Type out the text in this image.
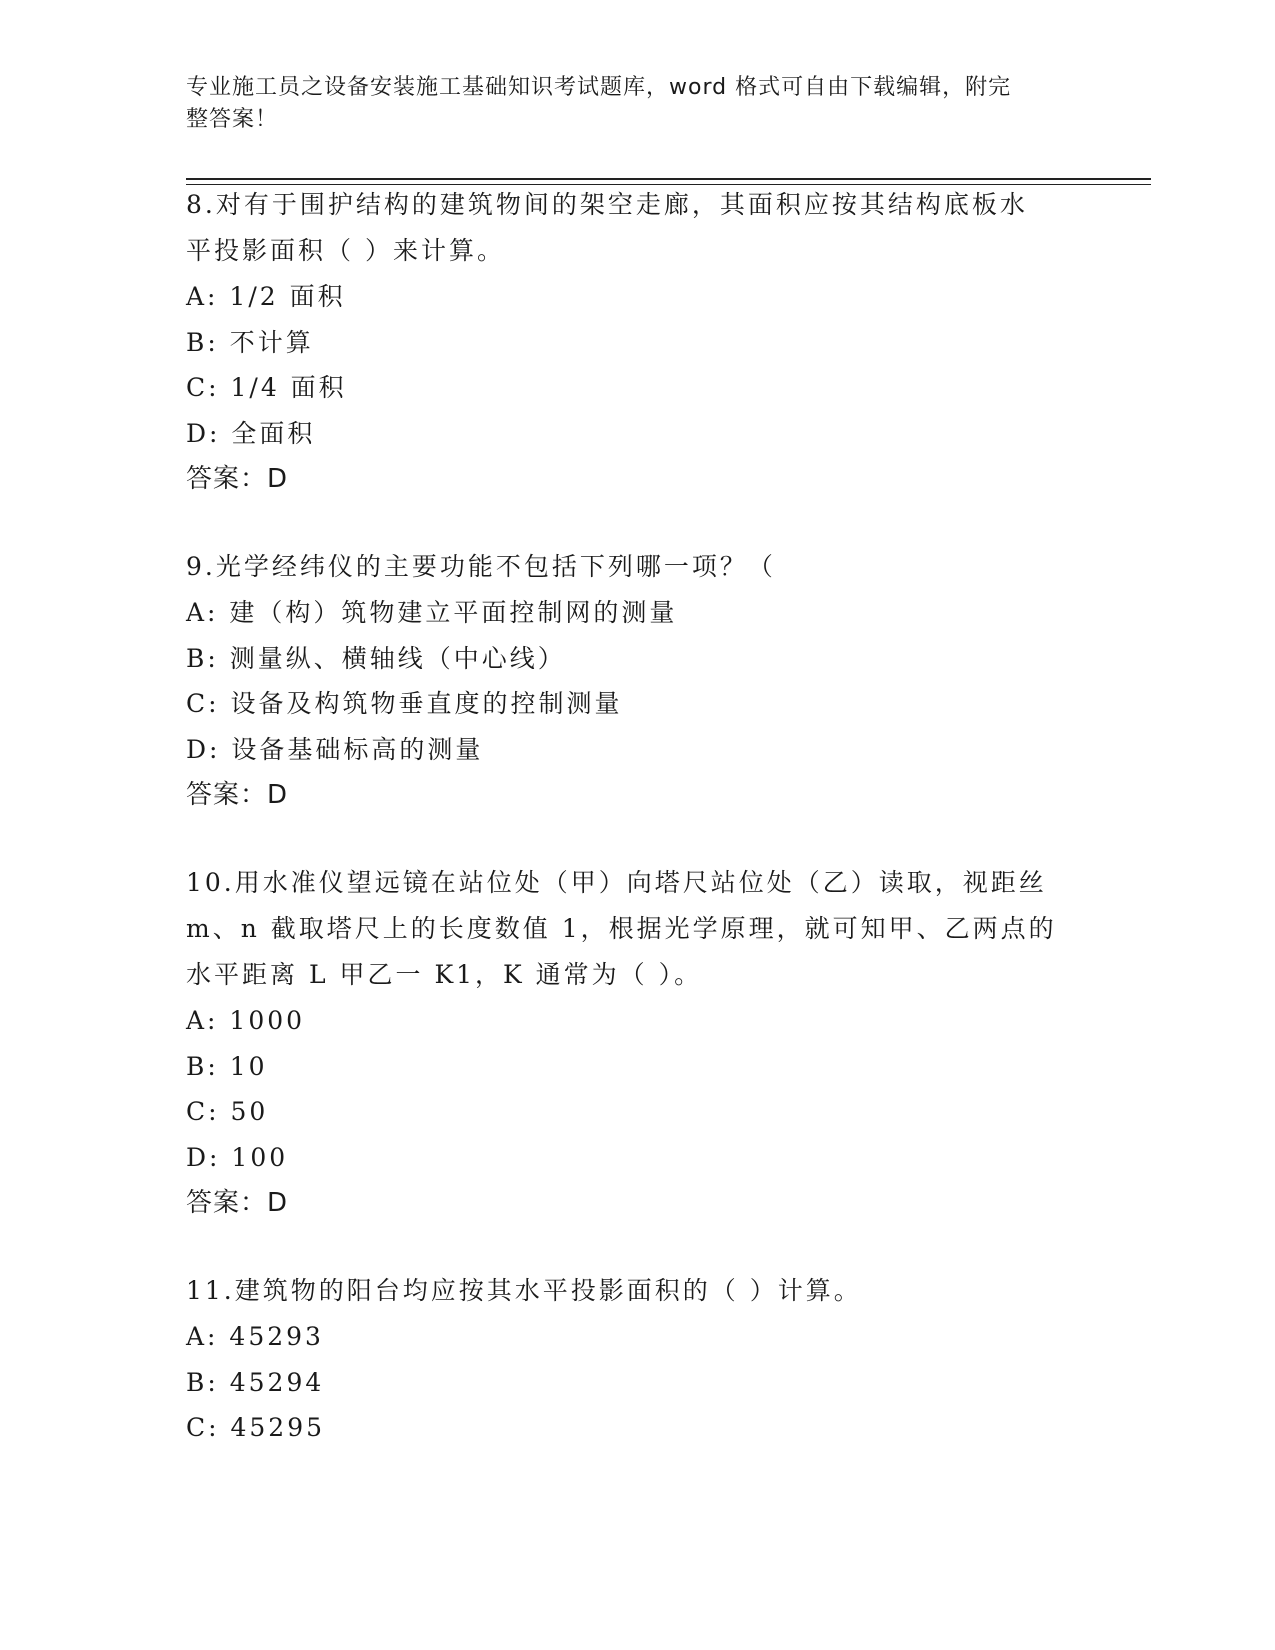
专业施工员之设备安装施工基础知识考试题库，word 格式可自由下载编辑，附完
整答案！

8.对有于围护结构的建筑物间的架空走廊，其面积应按其结构底板水

平投影面积（ ）来计算。

A: 1/2 面积

B: 不计算

C: 1/4 面积

D: 全面积

答案：D

9.光学经纬仪的主要功能不包括下列哪一项？（

A: 建（构）筑物建立平面控制网的测量

B: 测量纵、横轴线（中心线）

C: 设备及构筑物垂直度的控制测量

D: 设备基础标高的测量

答案：D

10.用水准仪望远镜在站位处（甲）向塔尺站位处（乙）读取，视距丝

m、n 截取塔尺上的长度数值 1，根据光学原理，就可知甲、乙两点的

水平距离 L 甲乙一 K1，K 通常为（ ）。

A: 1000

B: 10

C: 50

D: 100

答案：D

11.建筑物的阳台均应按其水平投影面积的（ ）计算。

A: 45293

B: 45294

C: 45295
